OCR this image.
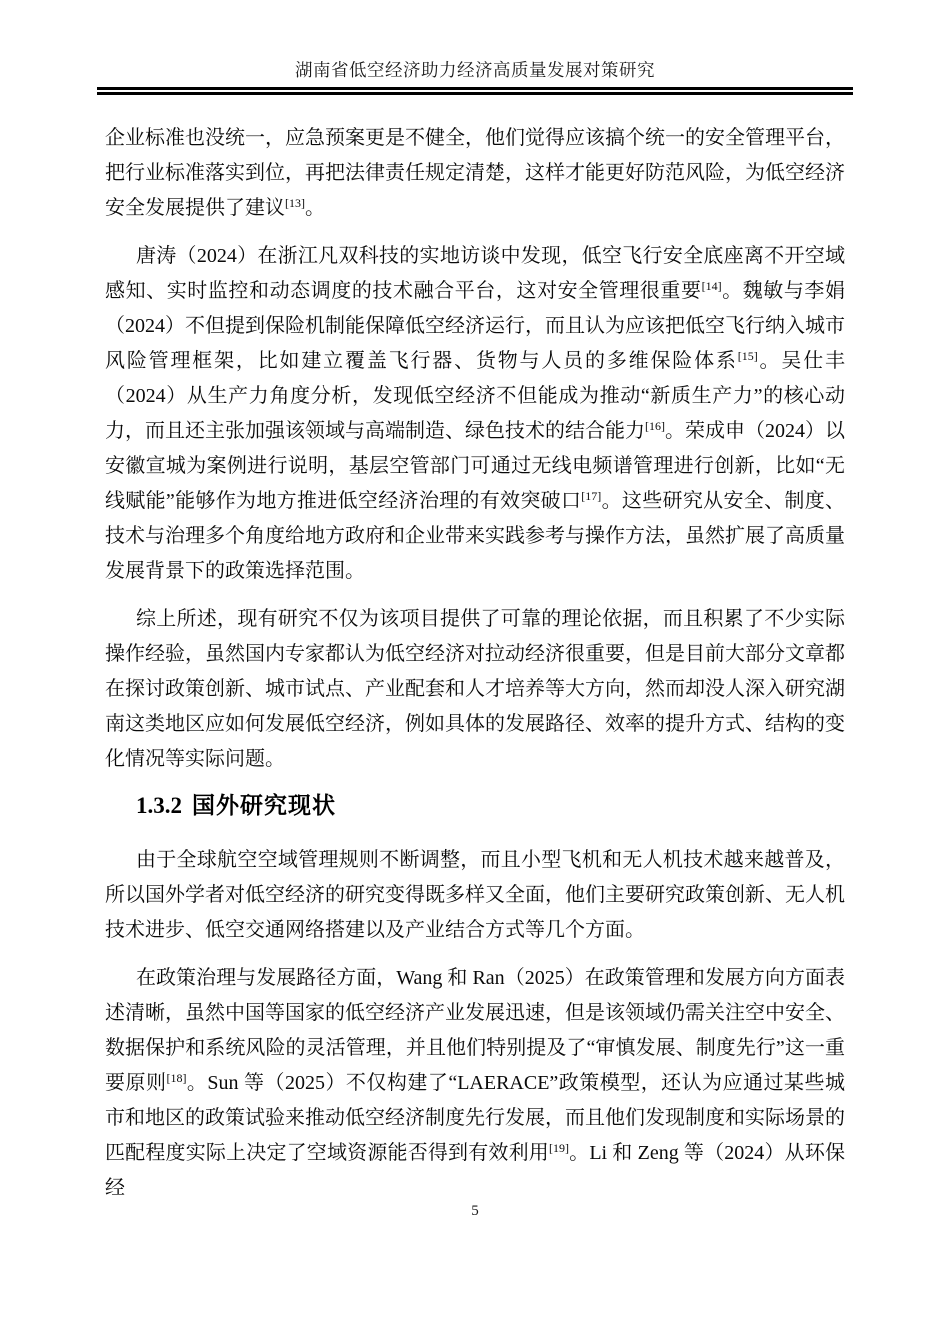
湖南省低空经济助力经济高质量发展对策研究

企业标准也没统一，应急预案更是不健全，他们觉得应该搞个统一的安全管理平台，把行业标准落实到位，再把法律责任规定清楚，这样才能更好防范风险，为低空经济安全发展提供了建议[13]。

唐涛（2024）在浙江凡双科技的实地访谈中发现，低空飞行安全底座离不开空域感知、实时监控和动态调度的技术融合平台，这对安全管理很重要[14]。魏敏与李娟（2024）不但提到保险机制能保障低空经济运行，而且认为应该把低空飞行纳入城市风险管理框架，比如建立覆盖飞行器、货物与人员的多维保险体系[15]。吴仕丰（2024）从生产力角度分析，发现低空经济不但能成为推动“新质生产力”的核心动力，而且还主张加强该领域与高端制造、绿色技术的结合能力[16]。荣成申（2024）以安徽宣城为案例进行说明，基层空管部门可通过无线电频谱管理进行创新，比如“无线赋能”能够作为地方推进低空经济治理的有效突破口[17]。这些研究从安全、制度、技术与治理多个角度给地方政府和企业带来实践参考与操作方法，虽然扩展了高质量发展背景下的政策选择范围。

综上所述，现有研究不仅为该项目提供了可靠的理论依据，而且积累了不少实际操作经验，虽然国内专家都认为低空经济对拉动经济很重要，但是目前大部分文章都在探讨政策创新、城市试点、产业配套和人才培养等大方向，然而却没人深入研究湖南这类地区应如何发展低空经济，例如具体的发展路径、效率的提升方式、结构的变化情况等实际问题。

1.3.2 国外研究现状

由于全球航空空域管理规则不断调整，而且小型飞机和无人机技术越来越普及，所以国外学者对低空经济的研究变得既多样又全面，他们主要研究政策创新、无人机技术进步、低空交通网络搭建以及产业结合方式等几个方面。

在政策治理与发展路径方面，Wang 和 Ran（2025）在政策管理和发展方向方面表述清晰，虽然中国等国家的低空经济产业发展迅速，但是该领域仍需关注空中安全、数据保护和系统风险的灵活管理，并且他们特别提及了“审慎发展、制度先行”这一重要原则[18]。Sun 等（2025）不仅构建了“LAERACE”政策模型，还认为应通过某些城市和地区的政策试验来推动低空经济制度先行发展，而且他们发现制度和实际场景的匹配程度实际上决定了空域资源能否得到有效利用[19]。Li 和 Zeng 等（2024）从环保经

5
